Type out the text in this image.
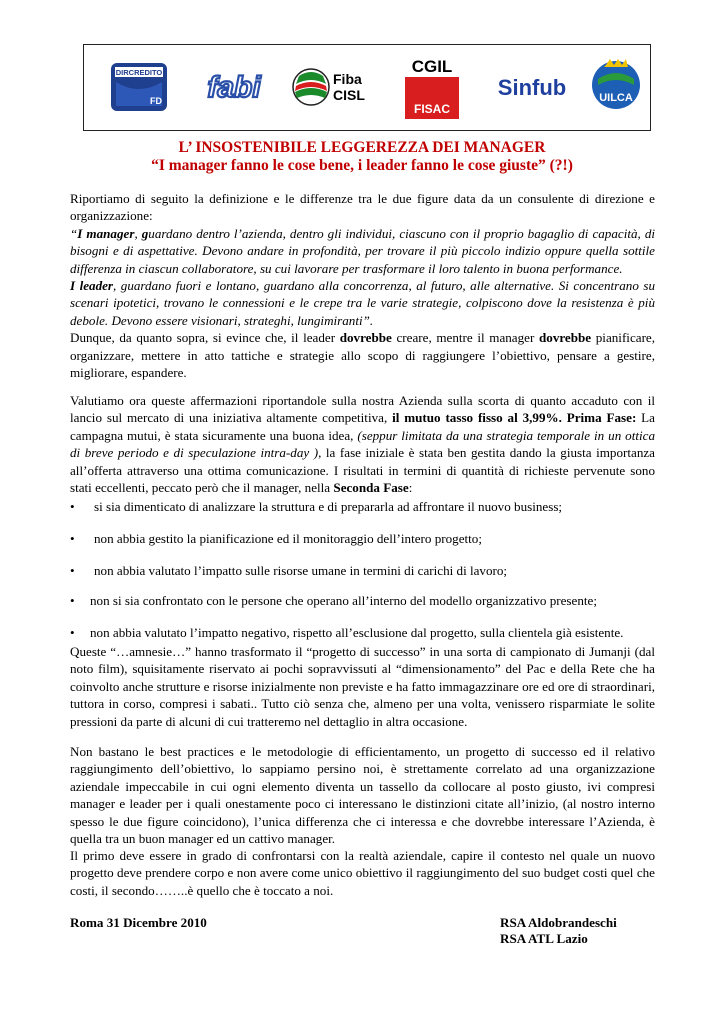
DIRCREDITO
FD fabi	Fiba
CISL
CGIL
FISAC
Sinfub	UILCA
L’ INSOSTENIBILE LEGGEREZZA DEI MANAGER
“I manager fanno le cose bene, i leader fanno le cose giuste” (?!)

Riportiamo di seguito la definizione e le differenze tra le due figure data da un consulente di direzione e organizzazione:

“I manager, guardano dentro l’azienda, dentro gli individui, ciascuno con il proprio bagaglio di capacità, di bisogni e di aspettative. Devono andare in profondità, per trovare il più piccolo indizio oppure quella sottile differenza in ciascun collaboratore, su cui lavorare per trasformare il loro talento in buona performance.

I leader, guardano fuori e lontano, guardano alla concorrenza, al futuro, alle alternative. Si concentrano su scenari ipotetici, trovano le connessioni e le crepe tra le varie strategie, colpiscono dove la resistenza è più debole. Devono essere visionari, strateghi, lungimiranti”.

Dunque, da quanto sopra, si evince che, il leader dovrebbe creare, mentre il manager dovrebbe pianificare, organizzare, mettere in atto tattiche e strategie allo scopo di raggiungere l’obiettivo, pensare a gestire, migliorare, espandere.

Valutiamo ora queste affermazioni riportandole sulla nostra Azienda sulla scorta di quanto accaduto con il lancio sul mercato di una iniziativa altamente competitiva, il mutuo tasso fisso al 3,99%. Prima Fase: La campagna mutui, è stata sicuramente una buona idea, (seppur limitata da una strategia temporale in un ottica di breve periodo e di speculazione intra-day ), la fase iniziale è stata ben gestita dando la giusta importanza all’offerta attraverso una ottima comunicazione. I risultati in termini di quantità di richieste pervenute sono stati eccellenti, peccato però che il manager, nella Seconda Fase:

• si sia dimenticato di analizzare la struttura e di prepararla ad affrontare il nuovo business;
• non abbia gestito la pianificazione ed il monitoraggio dell’intero progetto;
• non abbia valutato l’impatto sulle risorse umane in termini di carichi di lavoro;
• non si sia confrontato con le persone che operano all’interno del modello organizzativo presente;
• non abbia valutato l’impatto negativo, rispetto all’esclusione dal progetto, sulla clientela già esistente.

Queste “…amnesie…” hanno trasformato il “progetto di successo” in una sorta di campionato di Jumanji (dal noto film), squisitamente riservato ai pochi sopravvissuti al “dimensionamento” del Pac e della Rete che ha coinvolto anche strutture e risorse inizialmente non previste e ha fatto immagazzinare ore ed ore di straordinari, tuttora in corso, compresi i sabati.. Tutto ciò senza che, almeno per una volta, venissero risparmiate le solite pressioni da parte di alcuni di cui tratteremo nel dettaglio in altra occasione.

Non bastano le best practices e le metodologie di efficientamento, un progetto di successo ed il relativo raggiungimento dell’obiettivo, lo sappiamo persino noi, è strettamente correlato ad una organizzazione aziendale impeccabile in cui ogni elemento diventa un tassello da collocare al posto giusto, ivi compresi manager e leader per i quali onestamente poco ci interessano le distinzioni citate all’inizio, (al nostro interno spesso le due figure coincidono), l’unica differenza che ci interessa e che dovrebbe interessare l’Azienda, è quella tra un buon manager ed un cattivo manager.

Il primo deve essere in grado di confrontarsi con la realtà aziendale, capire il contesto nel quale un nuovo progetto deve prendere corpo e non avere come unico obiettivo il raggiungimento del suo budget costi quel che costi, il secondo……..è quello che è toccato a noi.

Roma 31 Dicembre 2010	RSA Aldobrandeschi
RSA ATL Lazio
